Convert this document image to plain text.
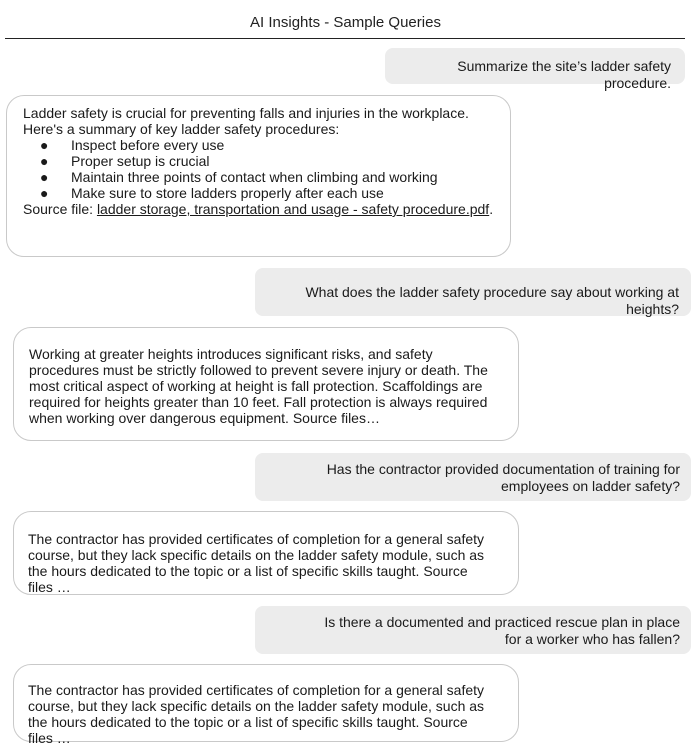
AI Insights - Sample Queries
Summarize the site’s ladder safety procedure.

Ladder safety is crucial for preventing falls and injuries in the workplace. Here's a summary of key ladder safety procedures:

● Inspect before every use
● Proper setup is crucial
● Maintain three points of contact when climbing and working
● Make sure to store ladders properly after each use

Source file: ladder storage, transportation and usage - safety procedure.pdf.

What does the ladder safety procedure say about working at heights?

Working at greater heights introduces significant risks, and safety procedures must be strictly followed to prevent severe injury or death. The most critical aspect of working at height is fall protection. Scaffoldings are required for heights greater than 10 feet. Fall protection is always required when working over dangerous equipment. Source files…

Has the contractor provided documentation of training for employees on ladder safety?

The contractor has provided certificates of completion for a general safety course, but they lack specific details on the ladder safety module, such as the hours dedicated to the topic or a list of specific skills taught. Source files …

Is there a documented and practiced rescue plan in place for a worker who has fallen?

The contractor has provided certificates of completion for a general safety course, but they lack specific details on the ladder safety module, such as the hours dedicated to the topic or a list of specific skills taught. Source files …
